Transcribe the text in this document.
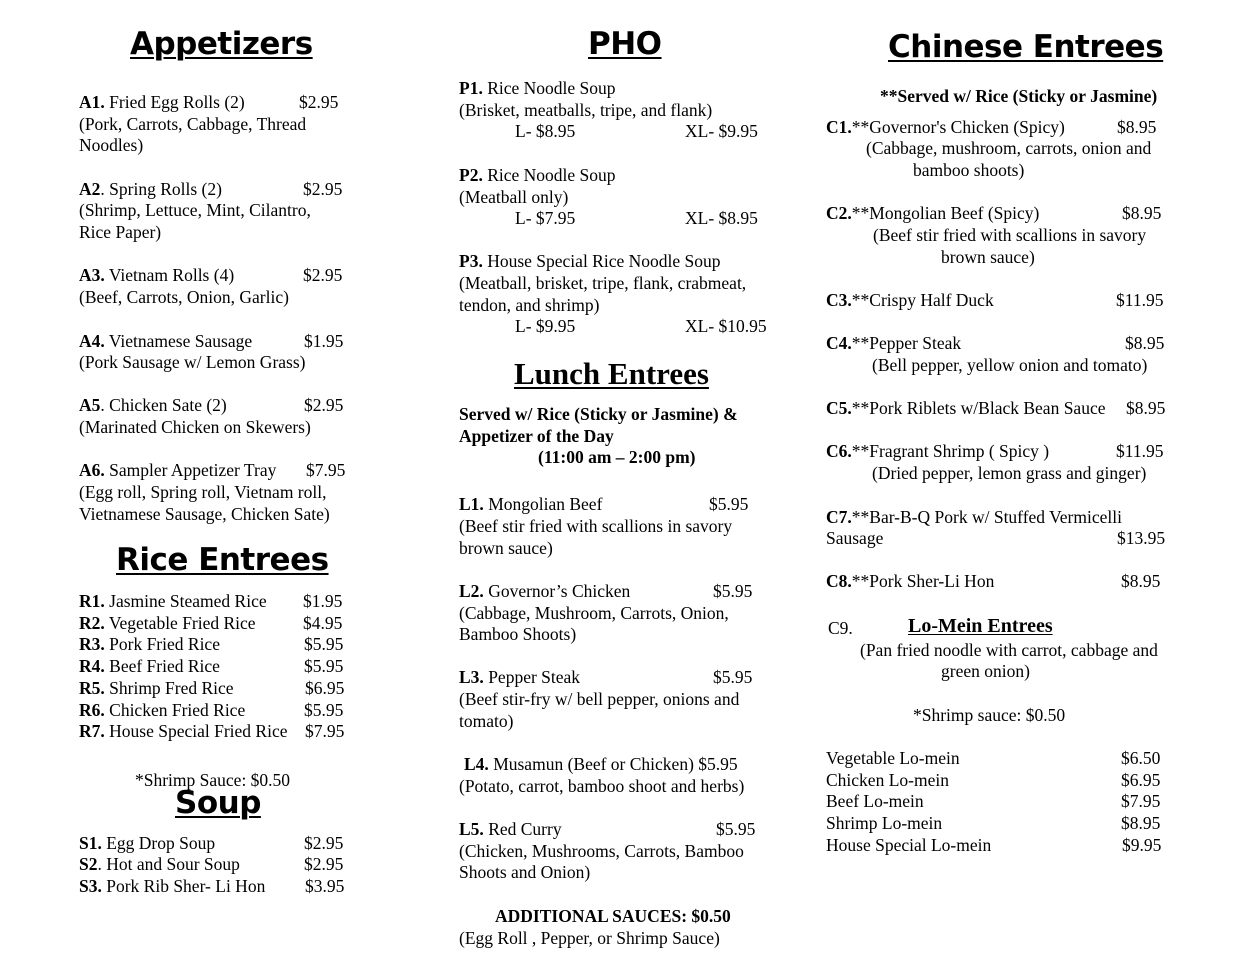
Appetizers
A1. Fried Egg Rolls (2)	$2.95
(Pork, Carrots, Cabbage, Thread
Noodles)
A2. Spring Rolls (2)	$2.95
(Shrimp, Lettuce, Mint, Cilantro,
Rice Paper)
A3. Vietnam Rolls (4)	$2.95
(Beef, Carrots, Onion, Garlic)
A4. Vietnamese Sausage	$1.95
(Pork Sausage w/ Lemon Grass)
A5. Chicken Sate (2)	$2.95
(Marinated Chicken on Skewers)
A6. Sampler Appetizer Tray $7.95
(Egg roll, Spring roll, Vietnam roll,
Vietnamese Sausage, Chicken Sate)
Rice Entrees
R1. Jasmine Steamed Rice $1.95
R2. Vegetable Fried Rice	$4.95
R3. Pork Fried Rice	$5.95
R4. Beef Fried Rice	$5.95
R5. Shrimp Fred Rice	$6.95
R6. Chicken Fried Rice	$5.95
R7. House Special Fried Rice $7.95
*Shrimp Sauce: $0.50
Soup
S1. Egg Drop Soup	$2.95
S2. Hot and Sour Soup	$2.95
S3. Pork Rib Sher- Li Hon $3.95
PHO
P1. Rice Noodle Soup
(Brisket, meatballs, tripe, and flank)
L- $8.95	XL- $9.95
P2. Rice Noodle Soup
(Meatball only)
L- $7.95	XL- $8.95
P3. House Special Rice Noodle Soup
(Meatball, brisket, tripe, flank, crabmeat,
tendon, and shrimp)
L- $9.95	XL- $10.95
Lunch Entrees
Served w/ Rice (Sticky or Jasmine) &
Appetizer of the Day
(11:00 am – 2:00 pm)
L1. Mongolian Beef	$5.95
(Beef stir fried with scallions in savory
brown sauce)
L2. Governor’s Chicken	$5.95
(Cabbage, Mushroom, Carrots, Onion,
Bamboo Shoots)
L3. Pepper Steak	$5.95
(Beef stir-fry w/ bell pepper, onions and
tomato)
L4. Musamun (Beef or Chicken) $5.95
(Potato, carrot, bamboo shoot and herbs)
L5. Red Curry	$5.95
(Chicken, Mushrooms, Carrots, Bamboo
Shoots and Onion)
ADDITIONAL SAUCES: $0.50
(Egg Roll , Pepper, or Shrimp Sauce)
Chinese Entrees
**Served w/ Rice (Sticky or Jasmine)
C1.**Governor's Chicken (Spicy)	$8.95
(Cabbage, mushroom, carrots, onion and
bamboo shoots)
C2.**Mongolian Beef (Spicy)	$8.95
(Beef stir fried with scallions in savory
brown sauce)
C3.**Crispy Half Duck	$11.95
C4.**Pepper Steak	$8.95
(Bell pepper, yellow onion and tomato)
C5.**Pork Riblets w/Black Bean Sauce $8.95
C6.**Fragrant Shrimp ( Spicy )	$11.95
(Dried pepper, lemon grass and ginger)
C7.**Bar-B-Q Pork w/ Stuffed Vermicelli
Sausage	$13.95
C8.**Pork Sher-Li Hon	$8.95
C9.	Lo-Mein Entrees
(Pan fried noodle with carrot, cabbage and
green onion)
*Shrimp sauce: $0.50
Vegetable Lo-mein	$6.50
Chicken Lo-mein	$6.95
Beef Lo-mein	$7.95
Shrimp Lo-mein	$8.95
House Special Lo-mein	$9.95
